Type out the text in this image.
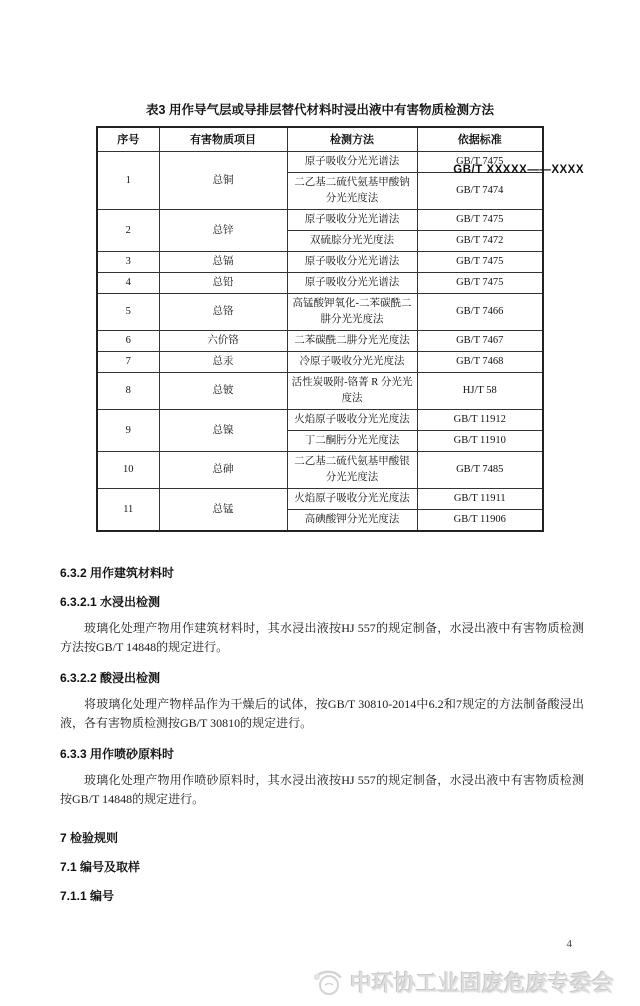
GB/T XXXXX——XXXX
表3 用作导气层或导排层替代材料时浸出液中有害物质检测方法
序号	有害物质项目	检测方法	依据标准
1	总铜	原子吸收分光光谱法	GB/T 7475
		二乙基二硫代氨基甲酸钠分光光度法	GB/T 7474
2	总锌	原子吸收分光光谱法	GB/T 7475
		双硫腙分光光度法	GB/T 7472
3	总镉	原子吸收分光光谱法	GB/T 7475
4	总铅	原子吸收分光光谱法	GB/T 7475
5	总铬	高锰酸钾氧化-二苯碳酰二肼分光光度法	GB/T 7466
6	六价铬	二苯碳酰二肼分光光度法	GB/T 7467
7	总汞	冷原子吸收分光光度法	GB/T 7468
8	总铍	活性炭吸附-铬菁 R 分光光度法	HJ/T 58
9	总镍	火焰原子吸收分光光度法	GB/T 11912
		丁二酮肟分光光度法	GB/T 11910
10	总砷	二乙基二硫代氨基甲酸银分光光度法	GB/T 7485
11	总锰	火焰原子吸收分光光度法	GB/T 11911
		高碘酸钾分光光度法	GB/T 11906
6.3.2 用作建筑材料时
6.3.2.1 水浸出检测

玻璃化处理产物用作建筑材料时，其水浸出液按HJ 557的规定制备，水浸出液中有害物质检测方法按GB/T 14848的规定进行。

6.3.2.2 酸浸出检测

将玻璃化处理产物样品作为干燥后的试体，按GB/T 30810-2014中6.2和7规定的方法制备酸浸出液，各有害物质检测按GB/T 30810的规定进行。

6.3.3 用作喷砂原料时

玻璃化处理产物用作喷砂原料时，其水浸出液按HJ 557的规定制备，水浸出液中有害物质检测按GB/T 14848的规定进行。

7 检验规则
7.1 编号及取样
7.1.1 编号
4
中环协工业固废危废专委会
